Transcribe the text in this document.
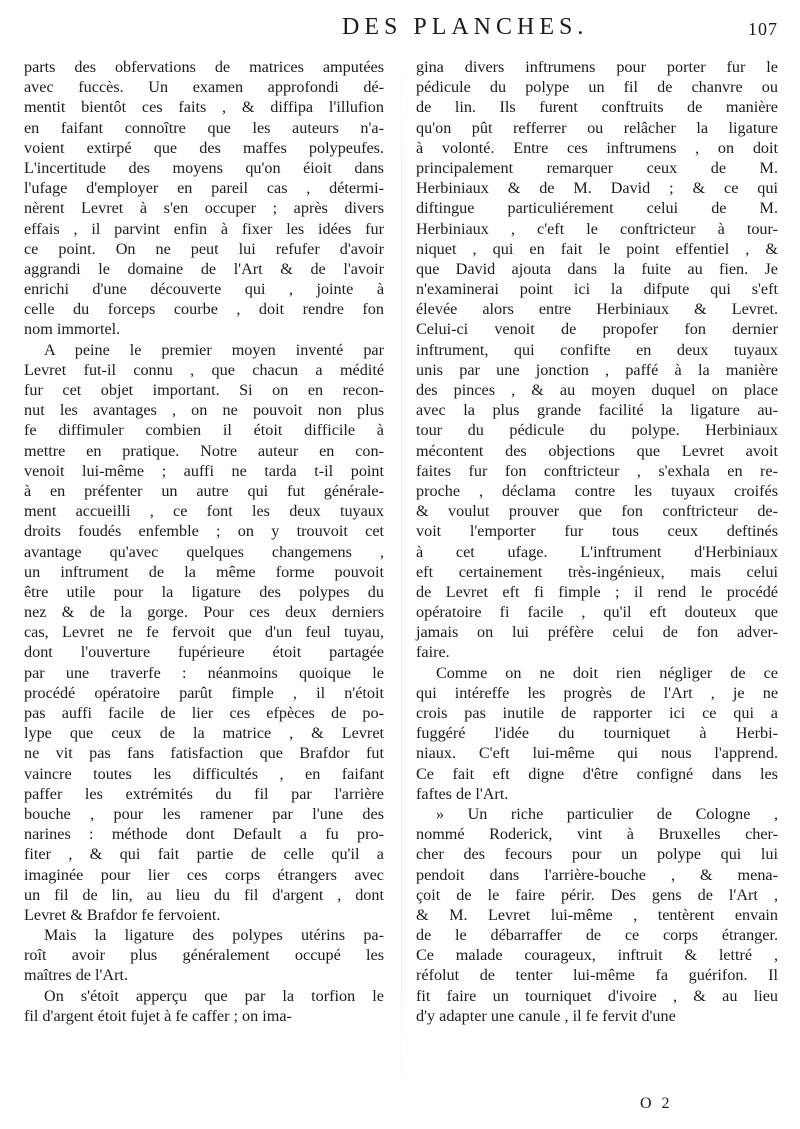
DES PLANCHES.	107
parts des obfervations de matrices amputées
avec fuccès. Un examen approfondi dé-
mentit bientôt ces faits , & diffipa l'illufion
en faifant connoître que les auteurs n'a-
voient extirpé que des maffes polypeufes.
L'incertitude des moyens qu'on éioit dans
l'ufage d'employer en pareil cas , détermi-
nèrent Levret à s'en occuper ; après divers
effais , il parvint enfin à fixer les idées fur
ce point. On ne peut lui refufer d'avoir
aggrandi le domaine de l'Art & de l'avoir
enrichi d'une découverte qui , jointe à
celle du forceps courbe , doit rendre fon
nom immortel.
A peine le premier moyen inventé par
Levret fut-il connu , que chacun a médité
fur cet objet important. Si on en recon-
nut les avantages , on ne pouvoit non plus
fe diffimuler combien il étoit difficile à
mettre en pratique. Notre auteur en con-
venoit lui-même ; auffi ne tarda t-il point
à en préfenter un autre qui fut générale-
ment accueilli , ce font les deux tuyaux
droits foudés enfemble ; on y trouvoit cet
avantage qu'avec quelques changemens ,
un inftrument de la même forme pouvoit
être utile pour la ligature des polypes du
nez & de la gorge. Pour ces deux derniers
cas, Levret ne fe fervoit que d'un feul tuyau,
dont l'ouverture fupérieure étoit partagée
par une traverfe : néanmoins quoique le
procédé opératoire parût fimple , il n'étoit
pas auffi facile de lier ces efpèces de po-
lype que ceux de la matrice , & Levret
ne vit pas fans fatisfaction que Brafdor fut
vaincre toutes les difficultés , en faifant
paffer les extrémités du fil par l'arrière
bouche , pour les ramener par l'une des
narines : méthode dont Default a fu pro-
fiter , & qui fait partie de celle qu'il a
imaginée pour lier ces corps étrangers avec
un fil de lin, au lieu du fil d'argent , dont
Levret & Brafdor fe fervoient.
Mais la ligature des polypes utérins pa-
roît avoir plus généralement occupé les
maîtres de l'Art.
On s'étoit apperçu que par la torfion le
fil d'argent étoit fujet à fe caffer ; on ima-
gina divers inftrumens pour porter fur le
pédicule du polype un fil de chanvre ou
de lin. Ils furent conftruits de manière
qu'on pût refferrer ou relâcher la ligature
à volonté. Entre ces inftrumens , on doit
principalement remarquer ceux de M.
Herbiniaux & de M. David ; & ce qui
diftingue particuliérement celui de M.
Herbiniaux , c'eft le conftricteur à tour-
niquet , qui en fait le point effentiel , &
que David ajouta dans la fuite au fien. Je
n'examinerai point ici la difpute qui s'eft
élevée alors entre Herbiniaux & Levret.
Celui-ci venoit de propofer fon dernier
inftrument, qui confifte en deux tuyaux
unis par une jonction , paffé à la manière
des pinces , & au moyen duquel on place
avec la plus grande facilité la ligature au-
tour du pédicule du polype. Herbiniaux
mécontent des objections que Levret avoit
faites fur fon conftricteur , s'exhala en re-
proche , déclama contre les tuyaux croifés
& voulut prouver que fon conftricteur de-
voit l'emporter fur tous ceux deftinés
à cet ufage. L'inftrument d'Herbiniaux
eft certainement très-ingénieux, mais celui
de Levret eft fi fimple ; il rend le procédé
opératoire fi facile , qu'il eft douteux que
jamais on lui préfère celui de fon adver-
faire.
Comme on ne doit rien négliger de ce
qui intéreffe les progrès de l'Art , je ne
crois pas inutile de rapporter ici ce qui a
fuggéré l'idée du tourniquet à Herbi-
niaux. C'eft lui-même qui nous l'apprend.
Ce fait eft digne d'être configné dans les
faftes de l'Art.
» Un riche particulier de Cologne ,
nommé Roderick, vint à Bruxelles cher-
cher des fecours pour un polype qui lui
pendoit dans l'arrière-bouche , & mena-
çoit de le faire périr. Des gens de l'Art ,
& M. Levret lui-même , tentèrent envain
de le débarraffer de ce corps étranger.
Ce malade courageux, inftruit & lettré ,
réfolut de tenter lui-même fa guérifon. Il
fit faire un tourniquet d'ivoire , & au lieu
d'y adapter une canule , il fe fervit d'une
O 2
